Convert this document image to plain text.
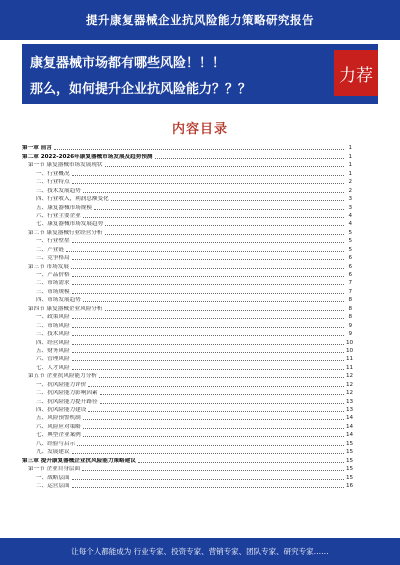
提升康复器械企业抗风险能力策略研究报告
康复器械市场都有哪些风险！！！
那么，如何提升企业抗风险能力？？？
力荐
内容目录
第一章 前言	1
第二章 2022-2026年康复器械市场发展及趋势预测	1
第一节 康复器械市场发展现状	1
一、行业概况	1
二、行业特点	2
三、技术发展趋势	2
四、行业收入，利润总额变化	3
五、康复器械市场规模	3
六、行业主要企业	4
七、康复器械市场发展趋势	4
第二节 康复器械行业经营分析	5
一、行业壁垒	5
二、产业链	5
三、竞争格局	6
第三节 市场发展	6
一、产品价格	6
二、市场需求	7
三、市场规模	7
四、市场发展趋势	8
第四节 康复器械企业风险分析	8
一、政策风险	8
二、市场风险	9
三、技术风险	9
四、经营风险	10
五、财务风险	10
六、管理风险	11
七、人才风险	11
第五节 企业抗风险能力分析	12
一、抗风险能力评价	12
二、抗风险能力影响因素	12
三、抗风险能力提升路径	13
四、抗风险能力建设	13
五、风险预警机制	14
六、风险应对策略	14
七、典型企业案例	14
八、经验与启示	15
九、发展建议	15
第三章 提升康复器械企业抗风险能力策略建议	15
第一节 企业自身层面	15
一、战略层面	15
二、运营层面	16
让每个人都能成为 行业专家、投资专家、营销专家、团队专家、研究专家……
